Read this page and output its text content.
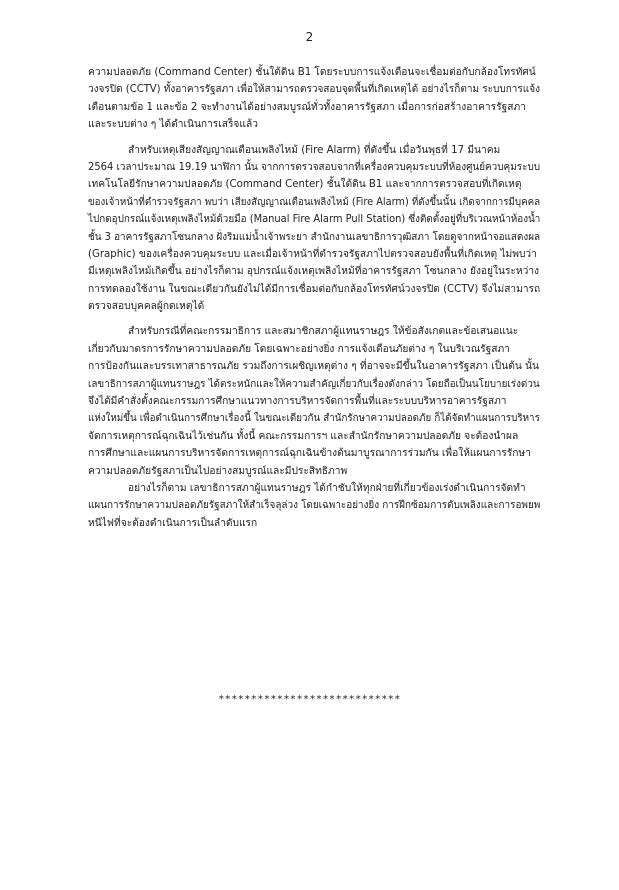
2

ความปลอดภัย (Command Center) ชั้นใต้ดิน B1 โดยระบบการแจ้งเตือนจะเชื่อมต่อกับกล้องโทรทัศน์
วงจรปิด (CCTV) ทั้งอาคารรัฐสภา เพื่อให้สามารถตรวจสอบจุดพื้นที่เกิดเหตุได้ อย่างไรก็ตาม ระบบการแจ้ง
เตือนตามข้อ 1 และข้อ 2 จะทำงานได้อย่างสมบูรณ์ทั่วทั้งอาคารรัฐสภา เมื่อการก่อสร้างอาคารรัฐสภา
และระบบต่าง ๆ ได้ดำเนินการเสร็จแล้ว

สำหรับเหตุเสียงสัญญาณเตือนเพลิงไหม้ (Fire Alarm) ที่ดังขึ้น เมื่อวันพุธที่ 17 มีนาคม
2564 เวลาประมาณ 19.19 นาฬิกา นั้น จากการตรวจสอบจากที่เครื่องควบคุมระบบที่ห้องศูนย์ควบคุมระบบ
เทคโนโลยีรักษาความปลอดภัย (Command Center) ชั้นใต้ดิน B1 และจากการตรวจสอบที่เกิดเหตุ
ของเจ้าหน้าที่ตำรวจรัฐสภา พบว่า เสียงสัญญาณเตือนเพลิงไหม้ (Fire Alarm) ที่ดังขึ้นนั้น เกิดจากการมีบุคคล
ไปกดอุปกรณ์แจ้งเหตุเพลิงไหม้ด้วยมือ (Manual Fire Alarm Pull Station) ซึ่งติดตั้งอยู่ที่บริเวณหน้าห้องน้ำ
ชั้น 3 อาคารรัฐสภาโซนกลาง ฝั่งริมแม่น้ำเจ้าพระยา สำนักงานเลขาธิการวุฒิสภา โดยดูจากหน้าจอแสดงผล
(Graphic) ของเครื่องควบคุมระบบ และเมื่อเจ้าหน้าที่ตำรวจรัฐสภาไปตรวจสอบยังพื้นที่เกิดเหตุ ไม่พบว่า
มีเหตุเพลิงไหม้เกิดขึ้น อย่างไรก็ตาม อุปกรณ์แจ้งเหตุเพลิงไหม้ที่อาคารรัฐสภา โซนกลาง ยังอยู่ในระหว่าง
การทดลองใช้งาน ในขณะเดียวกันยังไม่ได้มีการเชื่อมต่อกับกล้องโทรทัศน์วงจรปิด (CCTV) จึงไม่สามารถ
ตรวจสอบบุคคลผู้กดเหตุได้

สำหรับกรณีที่คณะกรรมาธิการ และสมาชิกสภาผู้แทนราษฎร ให้ข้อสังเกตและข้อเสนอแนะ
เกี่ยวกับมาตรการรักษาความปลอดภัย โดยเฉพาะอย่างยิ่ง การแจ้งเตือนภัยต่าง ๆ ในบริเวณรัฐสภา
การป้องกันและบรรเทาสาธารณภัย รวมถึงการเผชิญเหตุต่าง ๆ ที่อาจจะมีขึ้นในอาคารรัฐสภา เป็นต้น นั้น
เลขาธิการสภาผู้แทนราษฎร ได้ตระหนักและให้ความสำคัญเกี่ยวกับเรื่องดังกล่าว โดยถือเป็นนโยบายเร่งด่วน
จึงได้มีคำสั่งตั้งคณะกรรมการศึกษาแนวทางการบริหารจัดการพื้นที่และระบบบริหารอาคารรัฐสภา
แห่งใหม่ขึ้น เพื่อดำเนินการศึกษาเรื่องนี้ ในขณะเดียวกัน สำนักรักษาความปลอดภัย ก็ได้จัดทำแผนการบริหาร
จัดการเหตุการณ์ฉุกเฉินไว้เช่นกัน ทั้งนี้ คณะกรรมการฯ และสำนักรักษาความปลอดภัย จะต้องนำผล
การศึกษาและแผนการบริหารจัดการเหตุการณ์ฉุกเฉินข้างต้นมาบูรณาการร่วมกัน เพื่อให้แผนการรักษา
ความปลอดภัยรัฐสภาเป็นไปอย่างสมบูรณ์และมีประสิทธิภาพ

อย่างไรก็ตาม เลขาธิการสภาผู้แทนราษฎร ได้กำชับให้ทุกฝ่ายที่เกี่ยวข้องเร่งดำเนินการจัดทำ
แผนการรักษาความปลอดภัยรัฐสภาให้สำเร็จลุล่วง โดยเฉพาะอย่างยิ่ง การฝึกซ้อมการดับเพลิงและการอพยพ
หนีไฟที่จะต้องดำเนินการเป็นลำดับแรก

****************************
